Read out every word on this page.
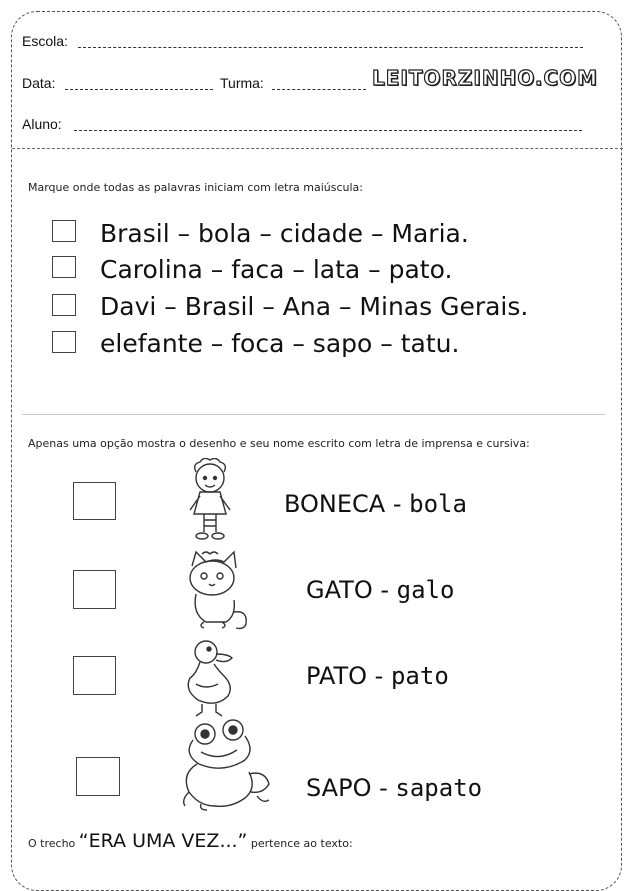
Escola:
Data:	Turma:	LEITORZINHO.COM
Aluno:
Marque onde todas as palavras iniciam com letra maiúscula:
Brasil – bola – cidade – Maria.
Carolina – faca – lata – pato.
Davi – Brasil – Ana – Minas Gerais.
elefante – foca – sapo – tatu.
Apenas uma opção mostra o desenho e seu nome escrito com letra de imprensa e cursiva:
BONECA - bola
GATO - galo
PATO - pato
SAPO - sapato
O trecho “ERA UMA VEZ...” pertence ao texto:
